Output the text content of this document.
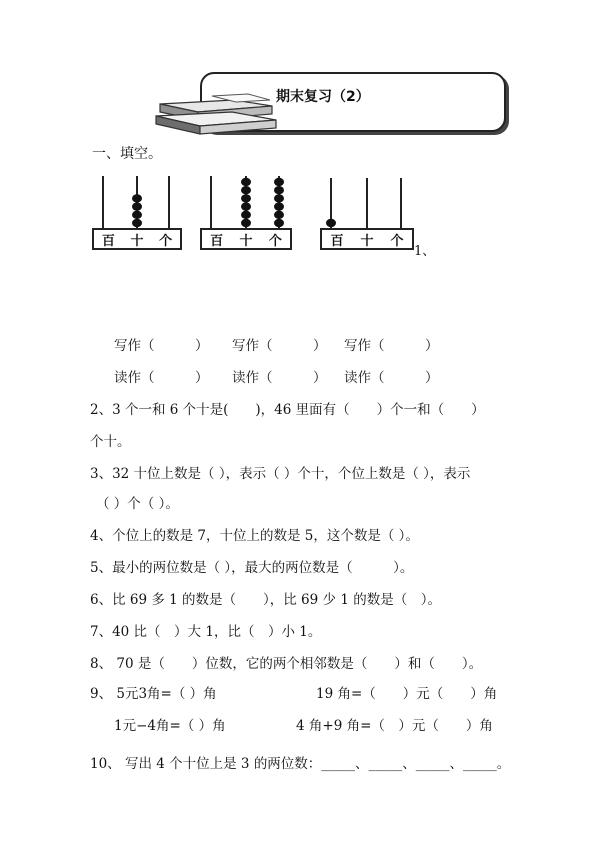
期末复习（2）
一、填空。
百 十 个	百 十 个	百 十 个
1、
写作（　　　） 写作（　　　） 写作（　　　）
读作（　　　） 读作（　　　） 读作（　　　）
2、3 个一和 6 个十是(　　)，46 里面有（　　）个一和（　　）
个十。
3、32 十位上数是（ ），表示（ ）个十，个位上数是（ ），表示
（ ）个（ ）。
4、个位上的数是 7，十位上的数是 5，这个数是（ ）。
5、最小的两位数是（ ），最大的两位数是（　　　）。
6、比 69 多 1 的数是（　　），比 69 少 1 的数是（　）。
7、40 比（　）大 1，比（　）小 1。
8、 70 是（　　）位数，它的两个相邻数是（　　）和（　　）。
9、 5元3角=（ ）角	19 角=（　　）元（　　）角
1元−4角=（ ）角	4 角+9 角=（　）元（　　）角
10、 写出 4 个十位上是 3 的两位数：_____、_____、_____、_____。
